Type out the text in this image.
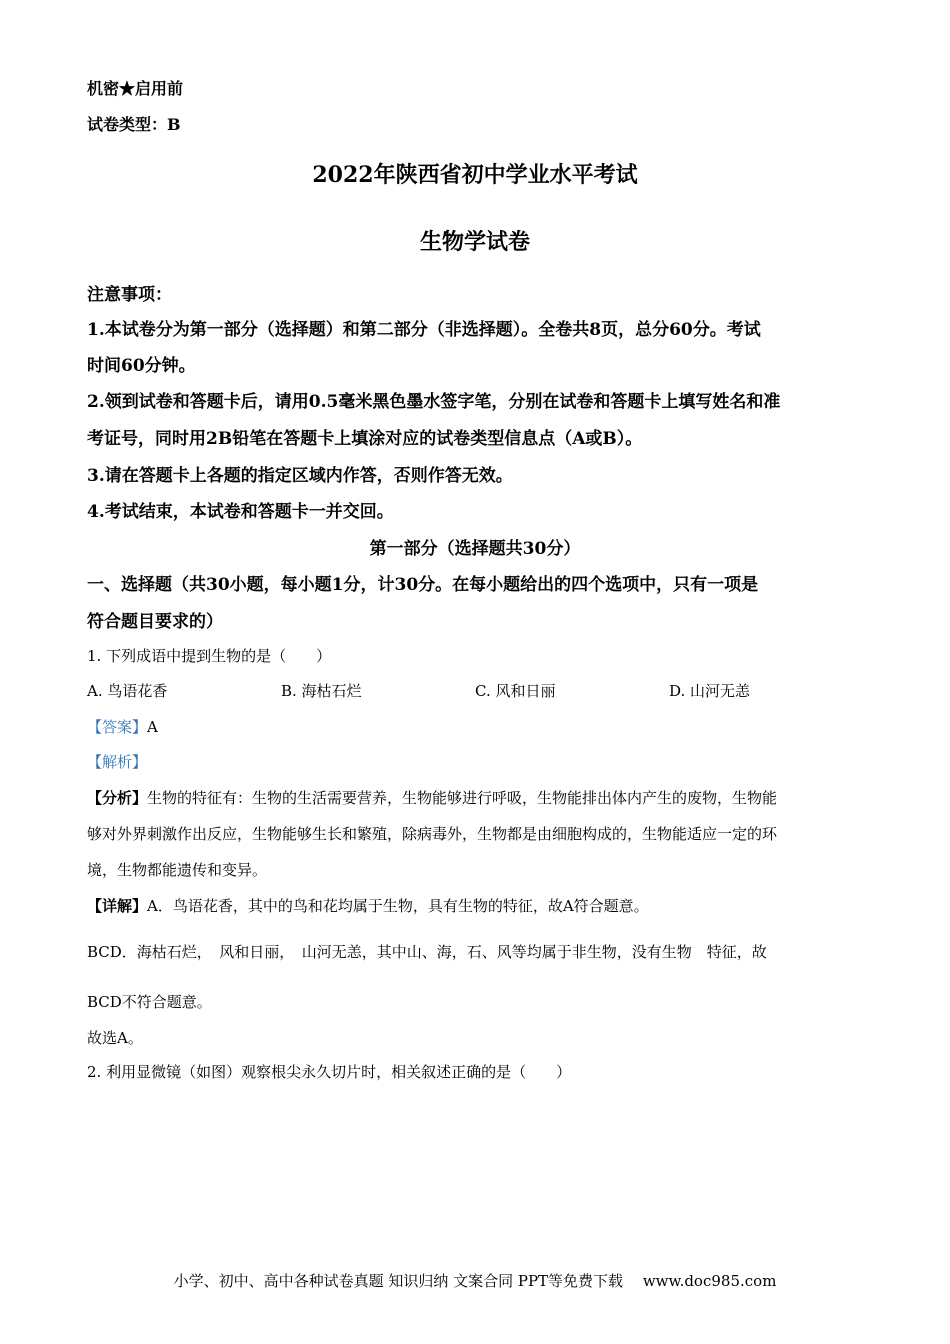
机密★启用前
试卷类型：B
2022年陕西省初中学业水平考试
生物学试卷
注意事项：
1.本试卷分为第一部分（选择题）和第二部分（非选择题）。全卷共8页，总分60分。考试
时间60分钟。
2.领到试卷和答题卡后，请用0.5毫米黑色墨水签字笔，分别在试卷和答题卡上填写姓名和准
考证号，同时用2B铅笔在答题卡上填涂对应的试卷类型信息点（A或B）。
3.请在答题卡上各题的指定区域内作答，否则作答无效。
4.考试结束，本试卷和答题卡一并交回。
第一部分（选择题共30分）
一、选择题（共30小题，每小题1分，计30分。在每小题给出的四个选项中，只有一项是
符合题目要求的）
1. 下列成语中提到生物的是（　　）
A. 鸟语花香	B. 海枯石烂	C. 风和日丽	D. 山河无恙
【答案】A
【解析】
【分析】生物的特征有：生物的生活需要营养，生物能够进行呼吸，生物能排出体内产生的废物，生物能
够对外界刺激作出反应，生物能够生长和繁殖，除病毒外，生物都是由细胞构成的，生物能适应一定的环
境，生物都能遗传和变异。
【详解】A．鸟语花香，其中的鸟和花均属于生物，具有生物的特征，故A符合题意。
BCD．海枯石烂，　风和日丽，　山河无恙，其中山、海，石、风等均属于非生物，没有生物　特征，故
BCD不符合题意。
故选A。
2. 利用显微镜（如图）观察根尖永久切片时，相关叙述正确的是（　　）
小学、初中、高中各种试卷真题 知识归纳 文案合同 PPT等免费下载　 www.doc985.com
